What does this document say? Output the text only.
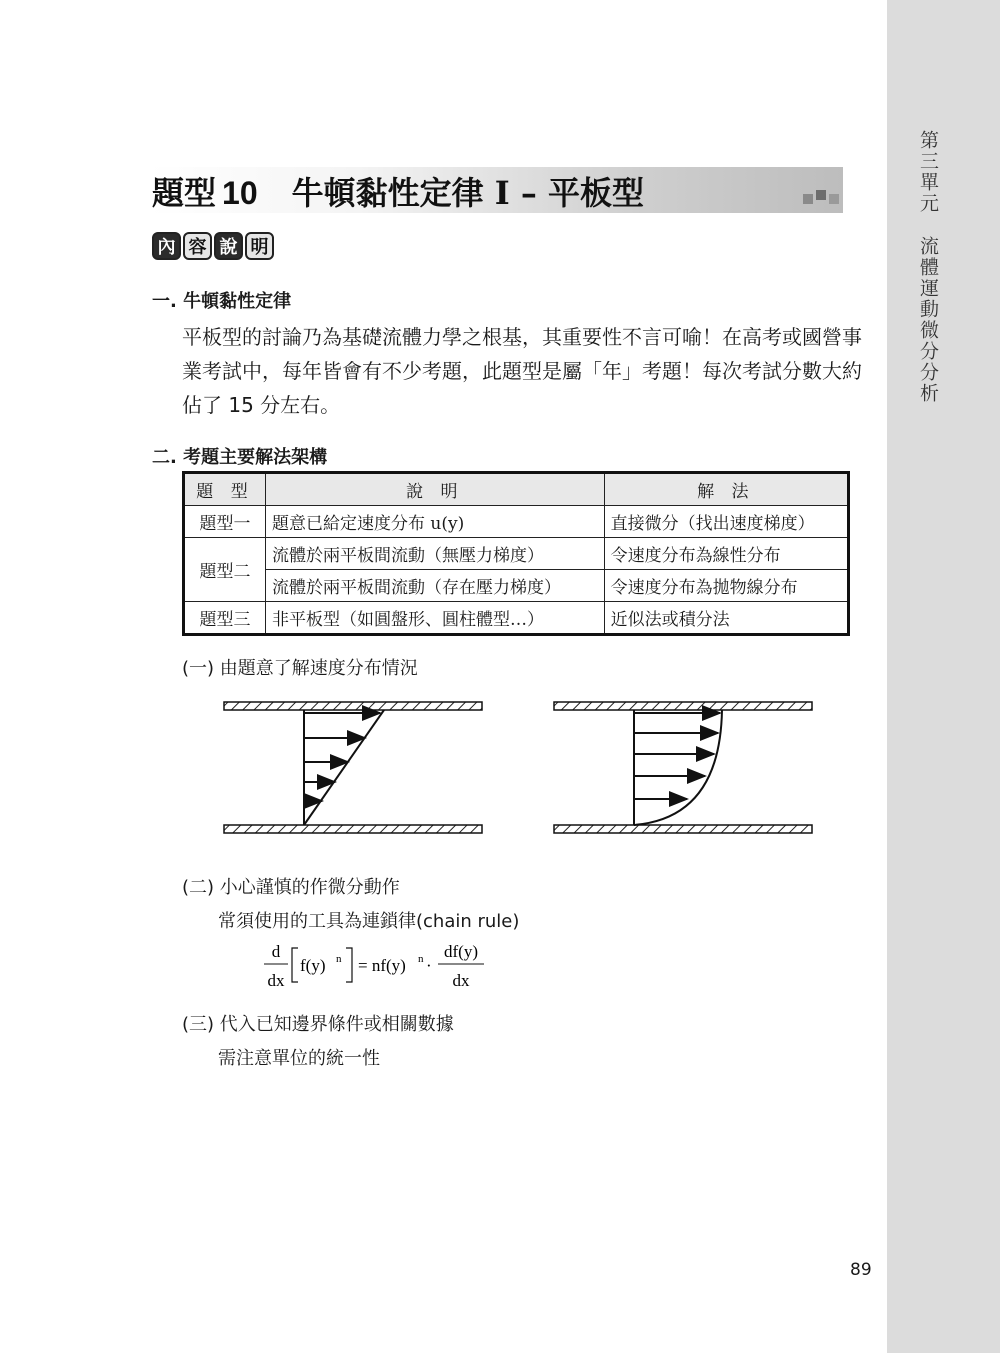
第三單元流體運動微分分析
題型 10 牛頓黏性定律 I – 平板型
內 容 說 明
一. 牛頓黏性定律
平板型的討論乃為基礎流體力學之根基，其重要性不言可喻！在高考或國營事業考試中，每年皆會有不少考題，此題型是屬「年」考題！每次考試分數大約佔了 15 分左右。
二. 考題主要解法架構
題 型	說 明	解 法
題型一	題意已給定速度分布 u(y)	直接微分（找出速度梯度）
題型二	流體於兩平板間流動（無壓力梯度）	令速度分布為線性分布
	流體於兩平板間流動（存在壓力梯度）	令速度分布為拋物線分布
題型三	非平板型（如圓盤形、圓柱體型…）	近似法或積分法
(一) 由題意了解速度分布情況
(二) 小心謹慎的作微分動作
常須使用的工具為連鎖律(chain rule)
d
dx
f(y) n = nf(y) n ·
df(y)
dx
(三) 代入已知邊界條件或相關數據
需注意單位的統一性
89
